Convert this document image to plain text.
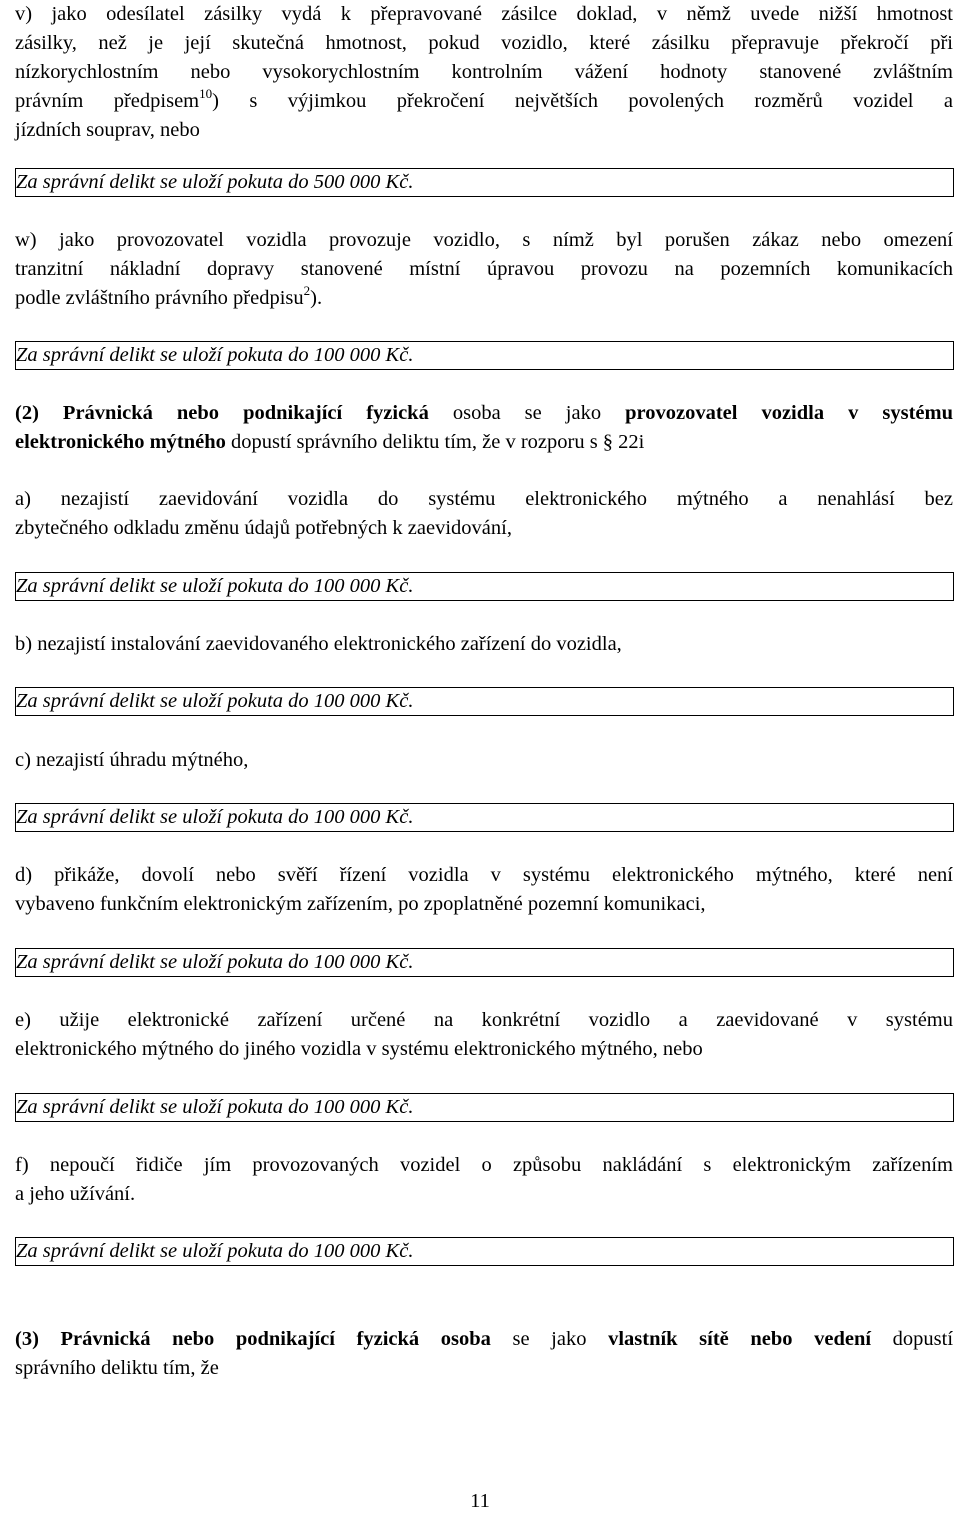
v) jako odesílatel zásilky vydá k přepravované zásilce doklad, v němž uvede nižší hmotnost
zásilky, než je její skutečná hmotnost, pokud vozidlo, které zásilku přepravuje překročí při
nízkorychlostním nebo vysokorychlostním kontrolním vážení hodnoty stanovené zvláštním
právním předpisem$^{10}$) s výjimkou překročení největších povolených rozměrů vozidel a
jízdních souprav, nebo
Za správní delikt se uloží pokuta do 500 000 Kč.
w) jako provozovatel vozidla provozuje vozidlo, s nímž byl porušen zákaz nebo omezení
tranzitní nákladní dopravy stanovené místní úpravou provozu na pozemních komunikacích
podle zvláštního právního předpisu$^2$).
Za správní delikt se uloží pokuta do 100 000 Kč.
(2) Právnická nebo podnikající fyzická osoba se jako provozovatel vozidla v systému
elektronického mýtného dopustí správního deliktu tím, že v rozporu s § 22i
a) nezajistí zaevidování vozidla do systému elektronického mýtného a nenahlásí bez
zbytečného odkladu změnu údajů potřebných k zaevidování,
Za správní delikt se uloží pokuta do 100 000 Kč.
b) nezajistí instalování zaevidovaného elektronického zařízení do vozidla,
Za správní delikt se uloží pokuta do 100 000 Kč.
c) nezajistí úhradu mýtného,
Za správní delikt se uloží pokuta do 100 000 Kč.
d) přikáže, dovolí nebo svěří řízení vozidla v systému elektronického mýtného, které není
vybaveno funkčním elektronickým zařízením, po zpoplatněné pozemní komunikaci,
Za správní delikt se uloží pokuta do 100 000 Kč.
e) užije elektronické zařízení určené na konkrétní vozidlo a zaevidované v systému
elektronického mýtného do jiného vozidla v systému elektronického mýtného, nebo
Za správní delikt se uloží pokuta do 100 000 Kč.
f) nepoučí řidiče jím provozovaných vozidel o způsobu nakládání s elektronickým zařízením
a jeho užívání.
Za správní delikt se uloží pokuta do 100 000 Kč.
(3) Právnická nebo podnikající fyzická osoba se jako vlastník sítě nebo vedení dopustí
správního deliktu tím, že
11
